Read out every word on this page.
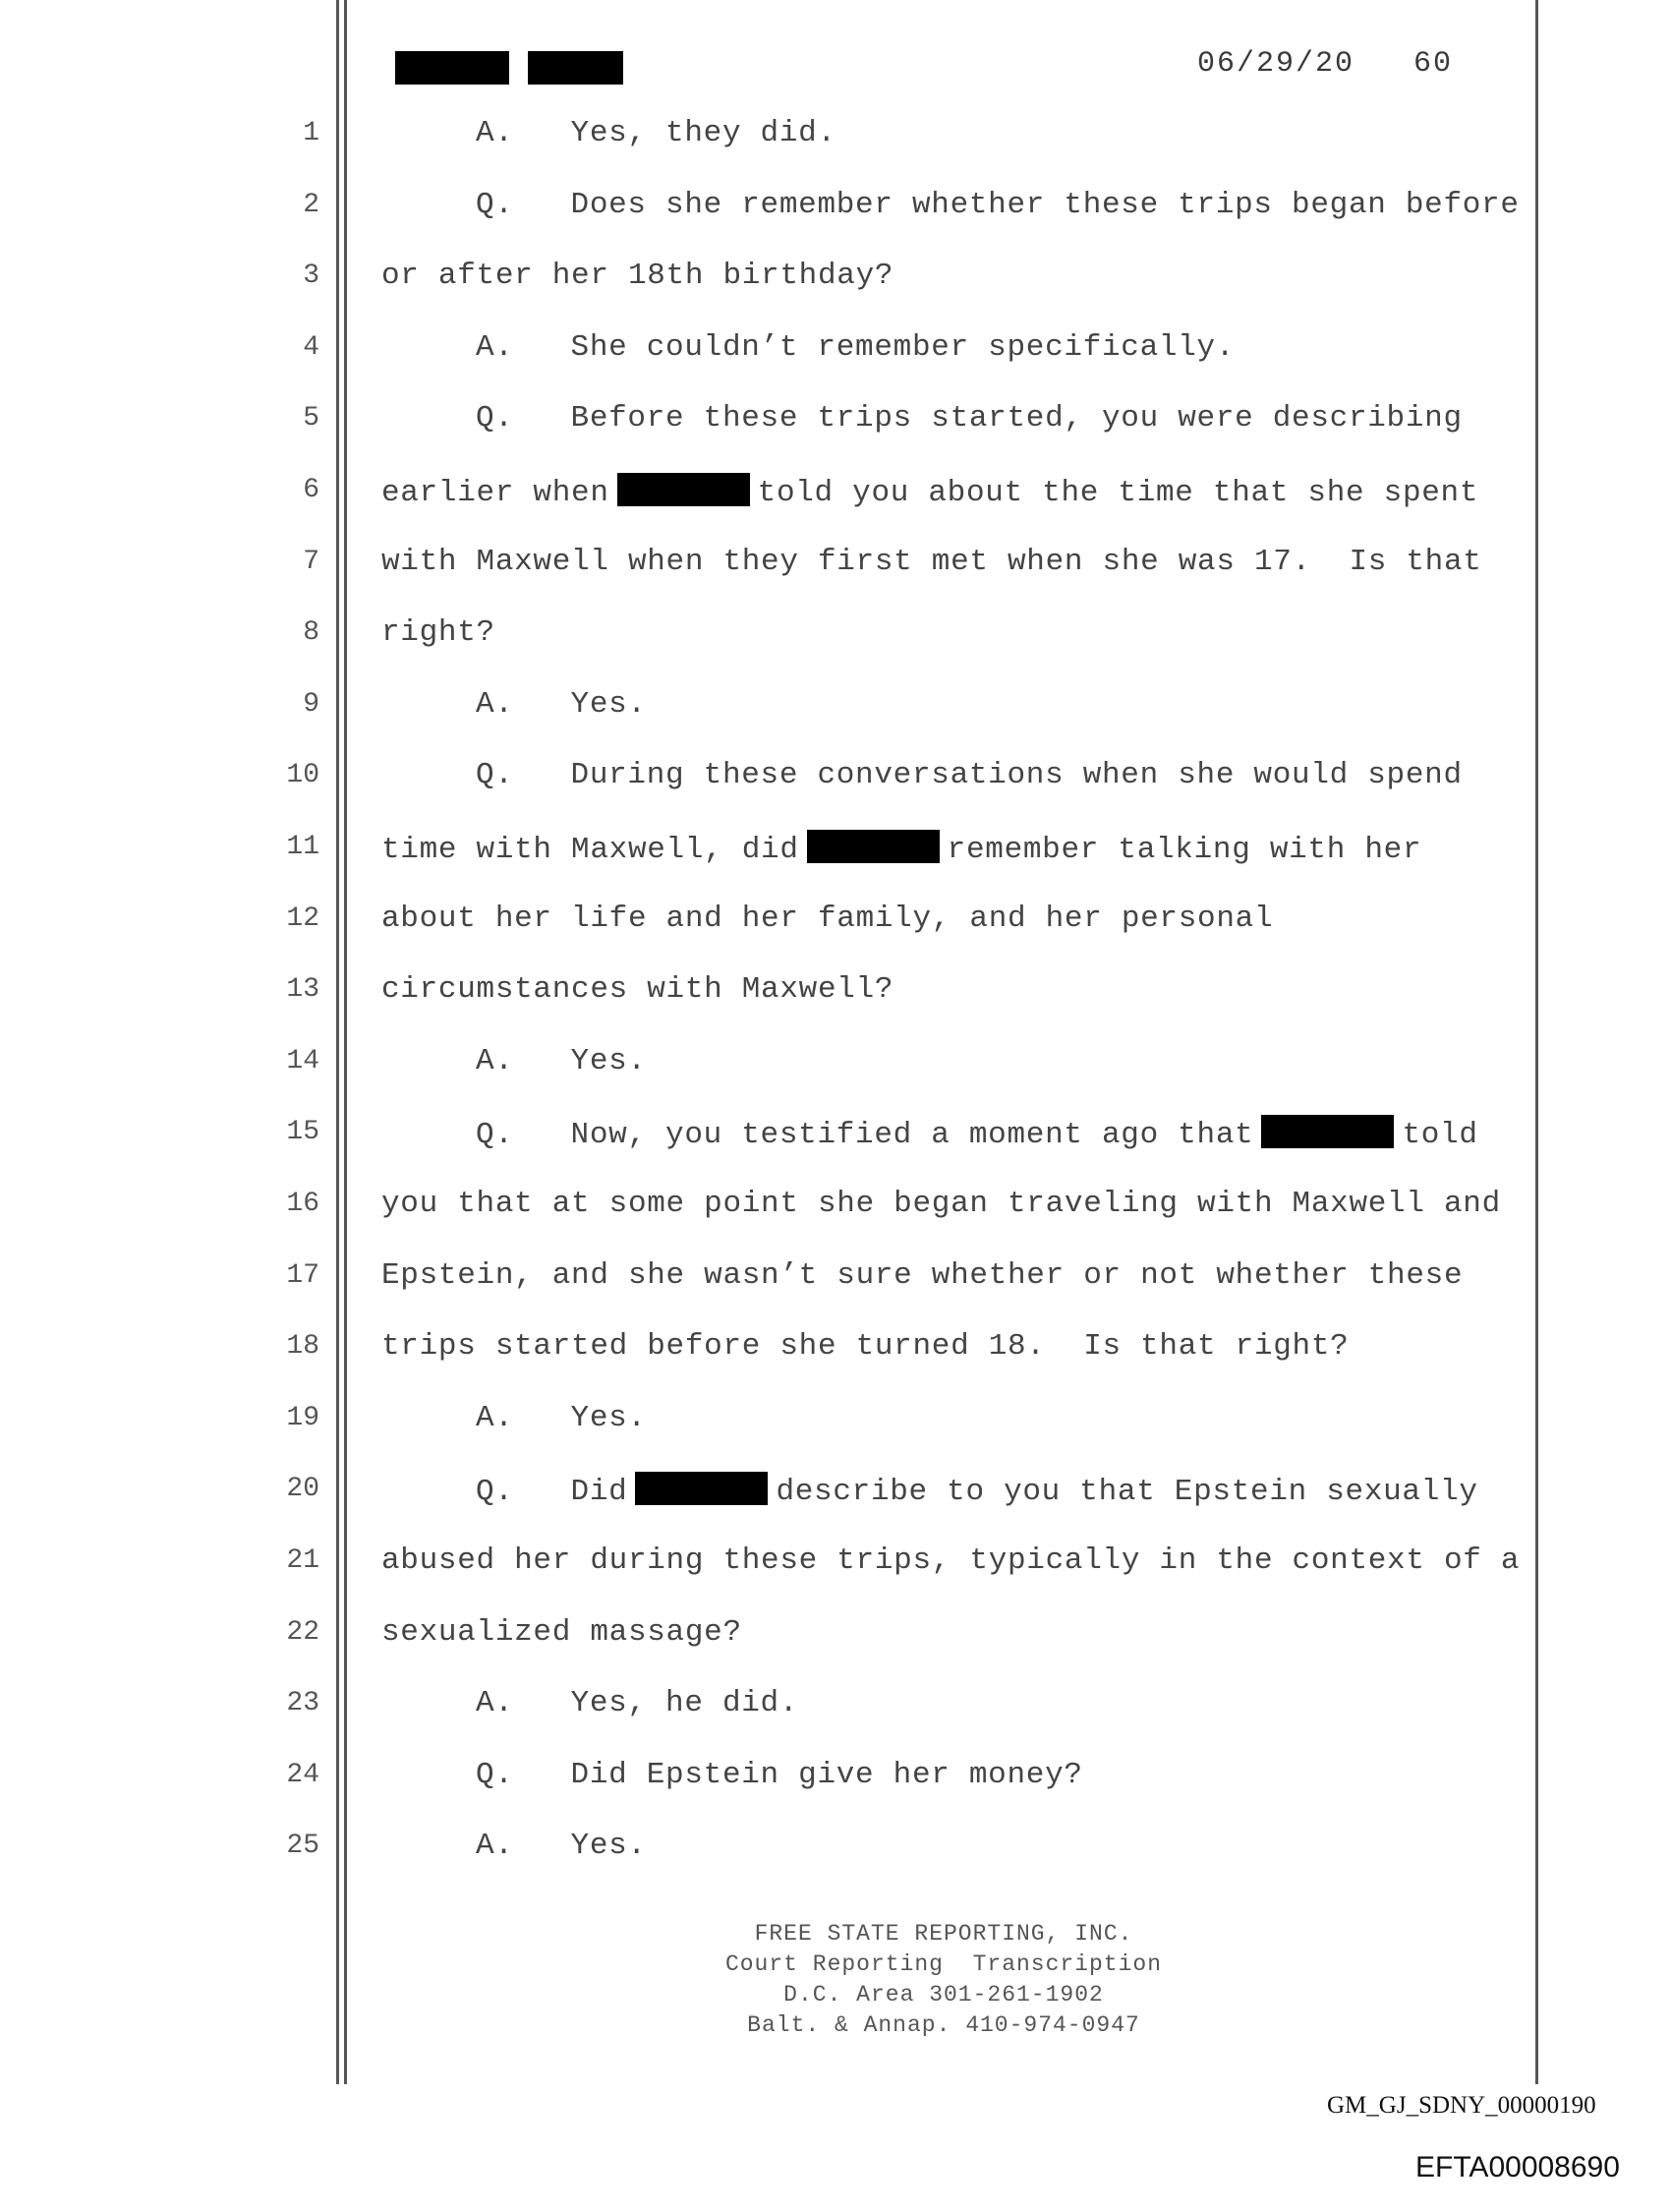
06/29/20 60
1	A.   Yes, they did.
2	Q.   Does she remember whether these trips began before
3 or after her 18th birthday?
4	A.   She couldn’t remember specifically.
5	Q.   Before these trips started, you were describing
6 earlier when	told you about the time that she spent
7 with Maxwell when they first met when she was 17.  Is that
8 right?
9	A.   Yes.
10	Q.   During these conversations when she would spend
11 time with Maxwell, did	remember talking with her
12 about her life and her family, and her personal
13 circumstances with Maxwell?
14	A.   Yes.
15	Q.   Now, you testified a moment ago that	told
16 you that at some point she began traveling with Maxwell and
17 Epstein, and she wasn’t sure whether or not whether these
18 trips started before she turned 18.  Is that right?
19	A.   Yes.
20	Q.   Did	describe to you that Epstein sexually
21 abused her during these trips, typically in the context of a
22 sexualized massage?
23	A.   Yes, he did.
24	Q.   Did Epstein give her money?
25	A.   Yes.
FREE STATE REPORTING, INC.
Court Reporting  Transcription
D.C. Area 301-261-1902
Balt. & Annap. 410-974-0947
GM_GJ_SDNY_00000190
EFTA00008690
